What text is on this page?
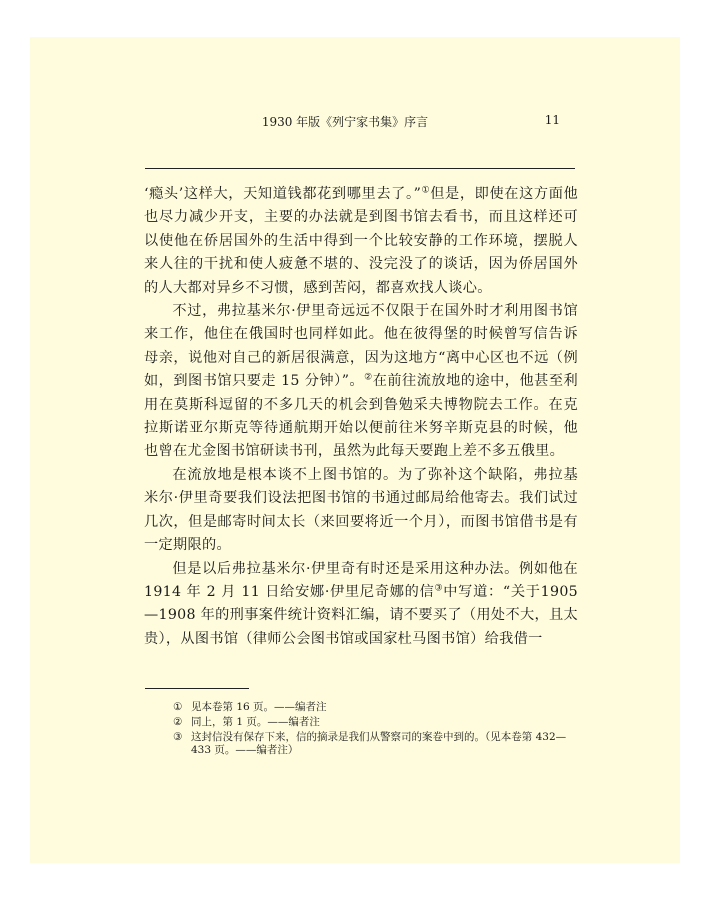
1930 年版《列宁家书集》序言	11

‘瘾头’这样大，天知道钱都花到哪里去了。”①但是，即使在这方面他也尽力减少开支，主要的办法就是到图书馆去看书，而且这样还可以使他在侨居国外的生活中得到一个比较安静的工作环境，摆脱人来人往的干扰和使人疲惫不堪的、没完没了的谈话，因为侨居国外的人大都对异乡不习惯，感到苦闷，都喜欢找人谈心。

不过，弗拉基米尔·伊里奇远远不仅限于在国外时才利用图书馆来工作，他住在俄国时也同样如此。他在彼得堡的时候曾写信告诉母亲，说他对自己的新居很满意，因为这地方“离中心区也不远（例如，到图书馆只要走 15 分钟）”。②在前往流放地的途中，他甚至利用在莫斯科逗留的不多几天的机会到鲁勉采夫博物院去工作。在克拉斯诺亚尔斯克等待通航期开始以便前往米努辛斯克县的时候，他也曾在尤金图书馆研读书刊，虽然为此每天要跑上差不多五俄里。

在流放地是根本谈不上图书馆的。为了弥补这个缺陷，弗拉基米尔·伊里奇要我们设法把图书馆的书通过邮局给他寄去。我们试过几次，但是邮寄时间太长（来回要将近一个月），而图书馆借书是有一定期限的。

但是以后弗拉基米尔·伊里奇有时还是采用这种办法。例如他在 1914 年 2 月 11 日给安娜·伊里尼奇娜的信③中写道：“关于1905—1908 年的刑事案件统计资料汇编，请不要买了（用处不大，且太贵），从图书馆（律师公会图书馆或国家杜马图书馆）给我借一

① 见本卷第 16 页。——编者注
② 同上，第 1 页。——编者注
③ 这封信没有保存下来，信的摘录是我们从警察司的案卷中到的。（见本卷第 432—433 页。——编者注）
